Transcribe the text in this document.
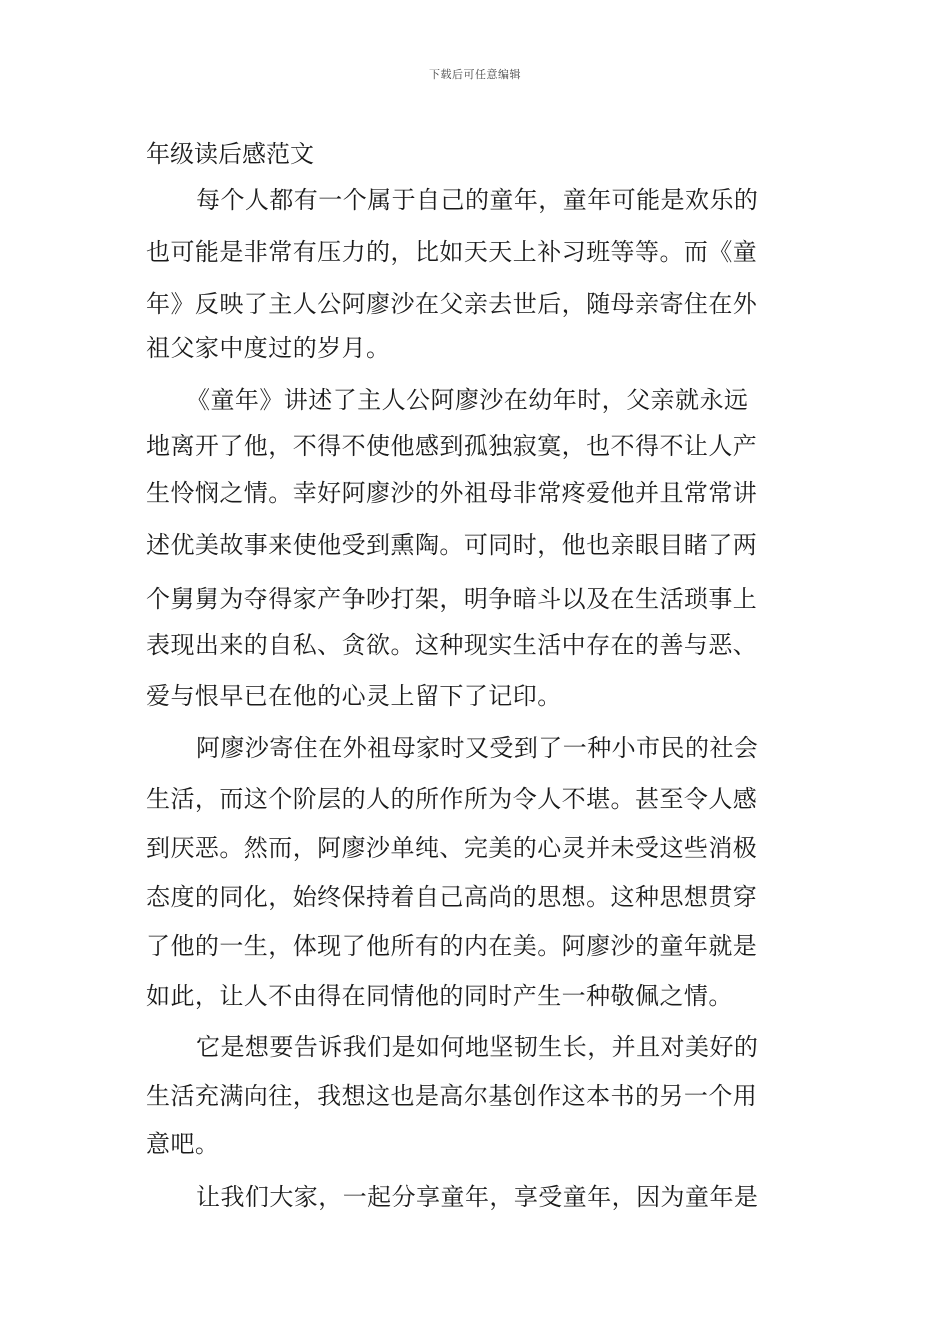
下载后可任意编辑
年级读后感范文
每个人都有一个属于自己的童年，童年可能是欢乐的
也可能是非常有压力的，比如天天上补习班等等。而《童
年》反映了主人公阿廖沙在父亲去世后，随母亲寄住在外
祖父家中度过的岁月。
《童年》讲述了主人公阿廖沙在幼年时，父亲就永远
地离开了他，不得不使他感到孤独寂寞，也不得不让人产
生怜悯之情。幸好阿廖沙的外祖母非常疼爱他并且常常讲
述优美故事来使他受到熏陶。可同时，他也亲眼目睹了两
个舅舅为夺得家产争吵打架，明争暗斗以及在生活琐事上
表现出来的自私、贪欲。这种现实生活中存在的善与恶、
爱与恨早已在他的心灵上留下了记印。
阿廖沙寄住在外祖母家时又受到了一种小市民的社会
生活，而这个阶层的人的所作所为令人不堪。甚至令人感
到厌恶。然而，阿廖沙单纯、完美的心灵并未受这些消极
态度的同化，始终保持着自己高尚的思想。这种思想贯穿
了他的一生，体现了他所有的内在美。阿廖沙的童年就是
如此，让人不由得在同情他的同时产生一种敬佩之情。
它是想要告诉我们是如何地坚韧生长，并且对美好的
生活充满向往，我想这也是高尔基创作这本书的另一个用
意吧。
让我们大家，一起分享童年，享受童年，因为童年是
